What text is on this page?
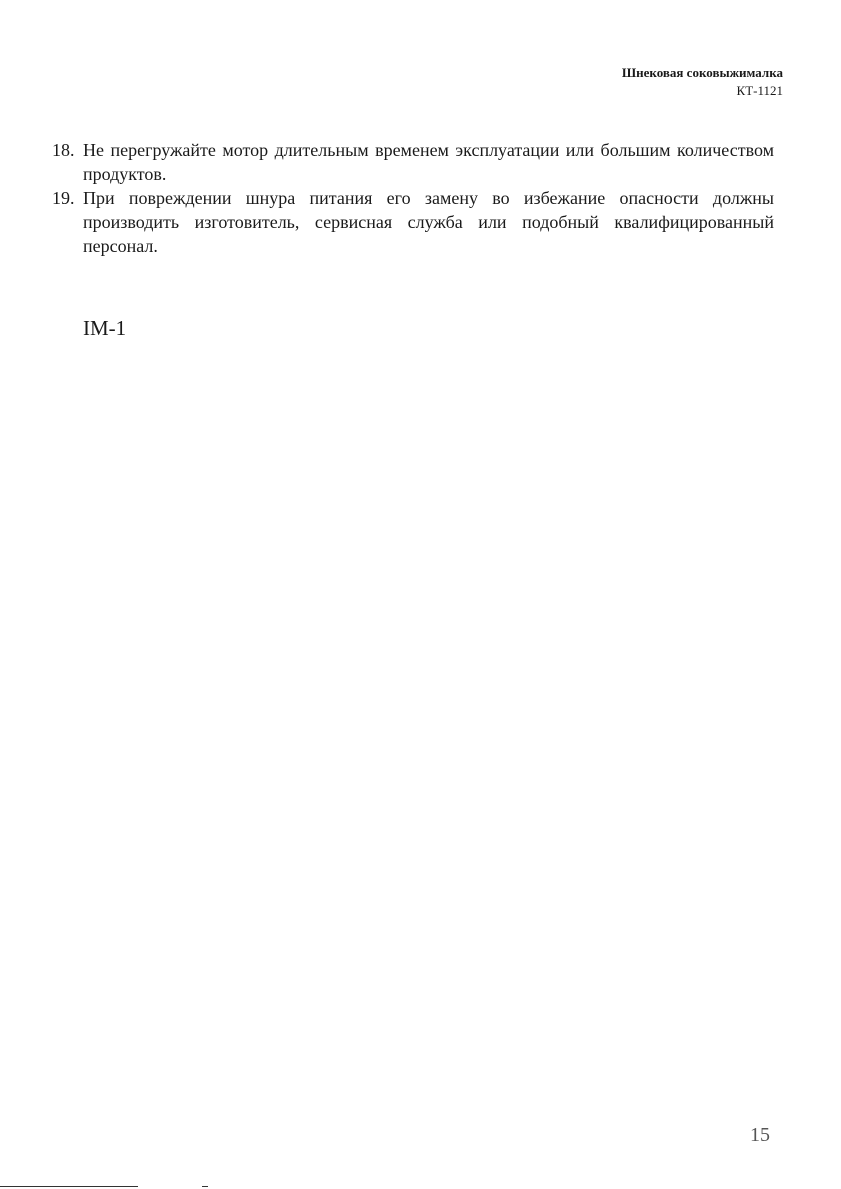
Шнековая соковыжималка
КТ-1121
18. Не перегружайте мотор длительным временем эксплуатации или большим количеством продуктов.
19. При повреждении шнура питания его замену во избежание опасности должны производить изготовитель, сервисная служба или подобный квалифицированный персонал.
IM-1
15
